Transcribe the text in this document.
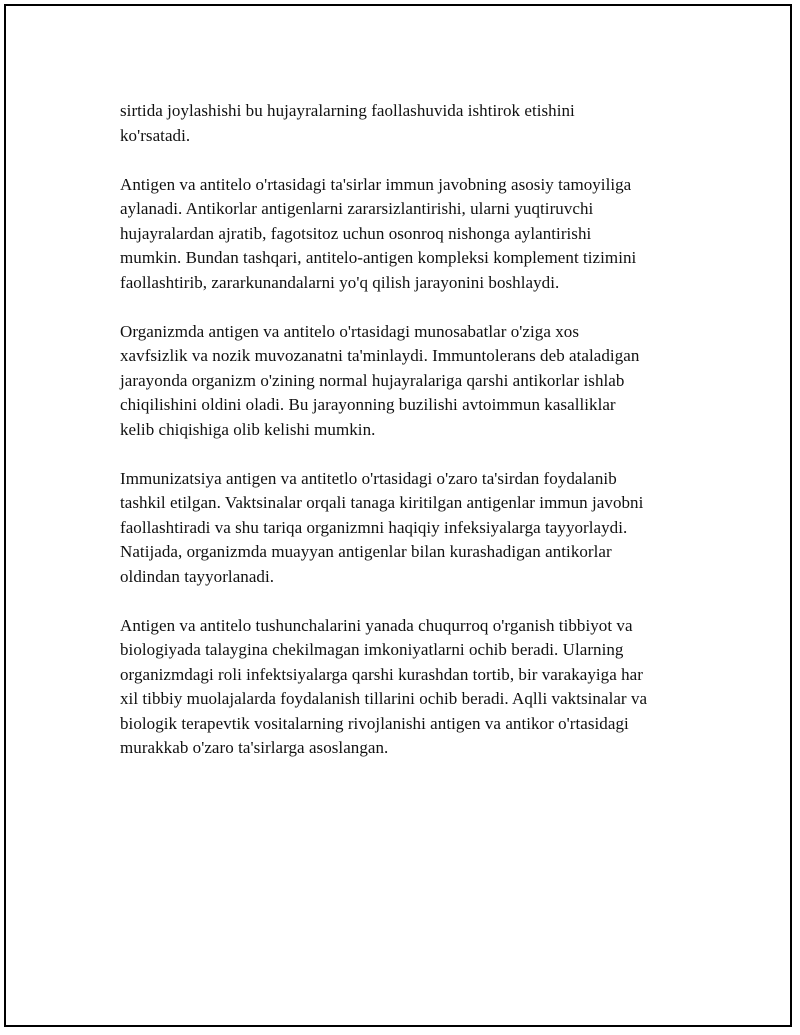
sirtida joylashishi bu hujayralarning faollashuvida ishtirok etishini
ko'rsatadi.

Antigen va antitelo o'rtasidagi ta'sirlar immun javobning asosiy tamoyiliga
aylanadi. Antikorlar antigenlarni zararsizlantirishi, ularni yuqtiruvchi
hujayralardan ajratib, fagotsitoz uchun osonroq nishonga aylantirishi
mumkin. Bundan tashqari, antitelo-antigen kompleksi komplement tizimini
faollashtirib, zararkunandalarni yo'q qilish jarayonini boshlaydi.

Organizmda antigen va antitelo o'rtasidagi munosabatlar o'ziga xos
xavfsizlik va nozik muvozanatni ta'minlaydi. Immuntolerans deb ataladigan
jarayonda organizm o'zining normal hujayralariga qarshi antikorlar ishlab
chiqilishini oldini oladi. Bu jarayonning buzilishi avtoimmun kasalliklar
kelib chiqishiga olib kelishi mumkin.

Immunizatsiya antigen va antitetlo o'rtasidagi o'zaro ta'sirdan foydalanib
tashkil etilgan. Vaktsinalar orqali tanaga kiritilgan antigenlar immun javobni
faollashtiradi va shu tariqa organizmni haqiqiy infeksiyalarga tayyorlaydi.
Natijada, organizmda muayyan antigenlar bilan kurashadigan antikorlar
oldindan tayyorlanadi.

Antigen va antitelo tushunchalarini yanada chuqurroq o'rganish tibbiyot va
biologiyada talaygina chekilmagan imkoniyatlarni ochib beradi. Ularning
organizmdagi roli infektsiyalarga qarshi kurashdan tortib, bir varakayiga har
xil tibbiy muolajalarda foydalanish tillarini ochib beradi. Aqlli vaktsinalar va
biologik terapevtik vositalarning rivojlanishi antigen va antikor o'rtasidagi
murakkab o'zaro ta'sirlarga asoslangan.
